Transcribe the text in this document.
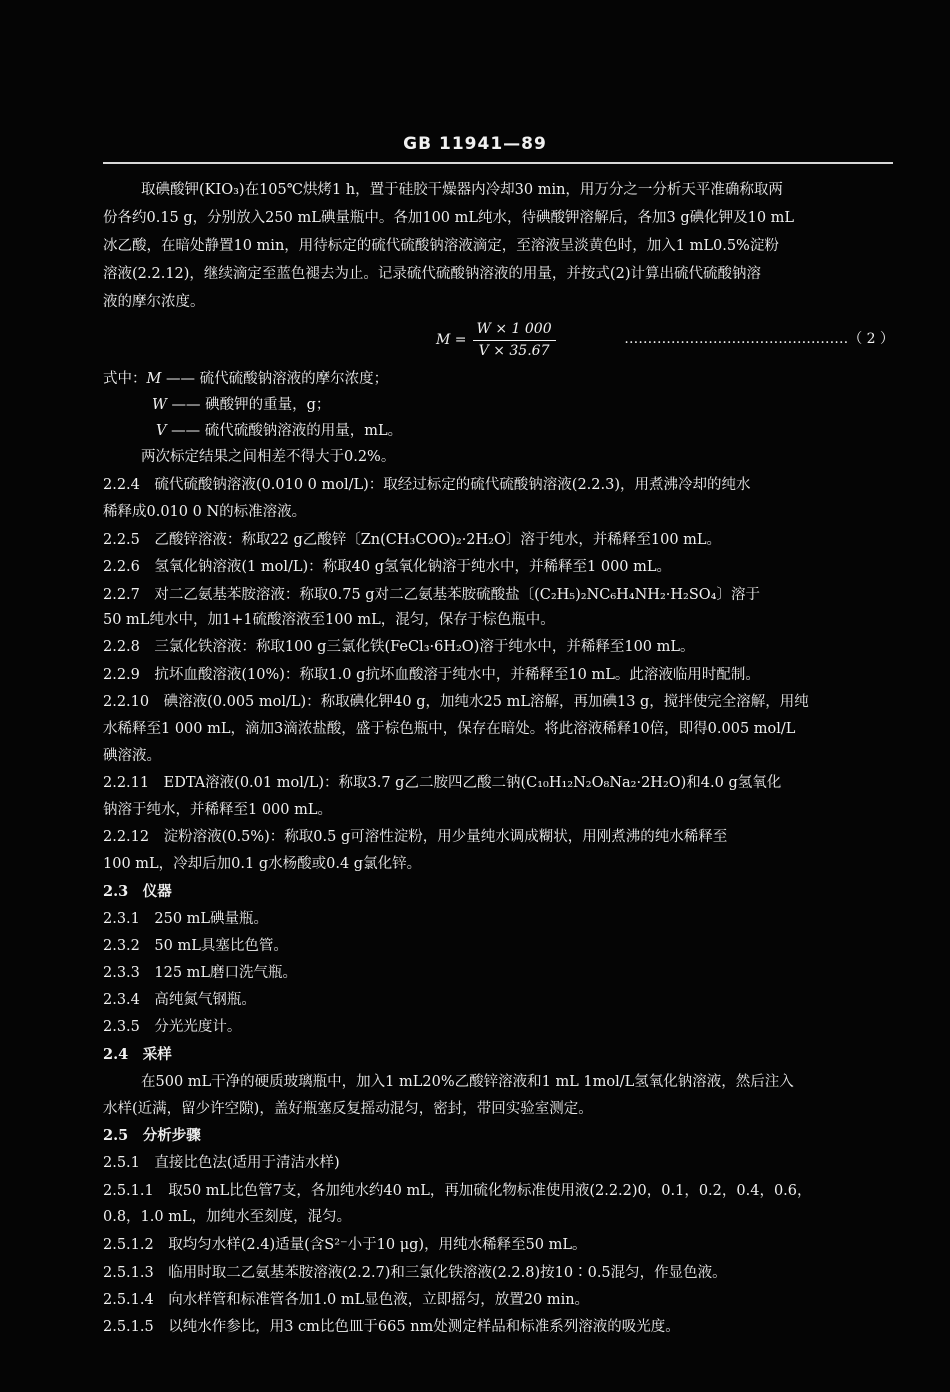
GB 11941—89
取碘酸钾(KIO₃)在105℃烘烤1 h，置于硅胶干燥器内冷却30 min，用万分之一分析天平准确称取两
份各约0.15 g，分别放入250 mL碘量瓶中。各加100 mL纯水，待碘酸钾溶解后，各加3 g碘化钾及10 mL
冰乙酸，在暗处静置10 min，用待标定的硫代硫酸钠溶液滴定，至溶液呈淡黄色时，加入1 mL0.5%淀粉
溶液(2.2.12)，继续滴定至蓝色褪去为止。记录硫代硫酸钠溶液的用量，并按式(2)计算出硫代硫酸钠溶
液的摩尔浓度。
$M = \frac{W \times 1 000}{V \times 35.67}$	…………………………………………（ 2 ）
式中：M —— 硫代硫酸钠溶液的摩尔浓度；
W —— 碘酸钾的重量，g；
V —— 硫代硫酸钠溶液的用量，mL。
两次标定结果之间相差不得大于0.2%。
2.2.4　硫代硫酸钠溶液(0.010 0 mol/L)：取经过标定的硫代硫酸钠溶液(2.2.3)，用煮沸冷却的纯水
稀释成0.010 0 N的标准溶液。
2.2.5　乙酸锌溶液：称取22 g乙酸锌〔Zn(CH₃COO)₂·2H₂O〕溶于纯水，并稀释至100 mL。
2.2.6　氢氧化钠溶液(1 mol/L)：称取40 g氢氧化钠溶于纯水中，并稀释至1 000 mL。
2.2.7　对二乙氨基苯胺溶液：称取0.75 g对二乙氨基苯胺硫酸盐〔(C₂H₅)₂NC₆H₄NH₂·H₂SO₄〕溶于
50 mL纯水中，加1+1硫酸溶液至100 mL，混匀，保存于棕色瓶中。
2.2.8　三氯化铁溶液：称取100 g三氯化铁(FeCl₃·6H₂O)溶于纯水中，并稀释至100 mL。
2.2.9　抗坏血酸溶液(10%)：称取1.0 g抗坏血酸溶于纯水中，并稀释至10 mL。此溶液临用时配制。
2.2.10　碘溶液(0.005 mol/L)：称取碘化钾40 g，加纯水25 mL溶解，再加碘13 g，搅拌使完全溶解，用纯
水稀释至1 000 mL，滴加3滴浓盐酸，盛于棕色瓶中，保存在暗处。将此溶液稀释10倍，即得0.005 mol/L
碘溶液。
2.2.11　EDTA溶液(0.01 mol/L)：称取3.7 g乙二胺四乙酸二钠(C₁₀H₁₂N₂O₈Na₂·2H₂O)和4.0 g氢氧化
钠溶于纯水，并稀释至1 000 mL。
2.2.12　淀粉溶液(0.5%)：称取0.5 g可溶性淀粉，用少量纯水调成糊状，用刚煮沸的纯水稀释至
100 mL，冷却后加0.1 g水杨酸或0.4 g氯化锌。
2.3　仪器
2.3.1　250 mL碘量瓶。
2.3.2　50 mL具塞比色管。
2.3.3　125 mL磨口洗气瓶。
2.3.4　高纯氮气钢瓶。
2.3.5　分光光度计。
2.4　采样
在500 mL干净的硬质玻璃瓶中，加入1 mL20%乙酸锌溶液和1 mL 1mol/L氢氧化钠溶液，然后注入
水样(近满，留少许空隙)，盖好瓶塞反复摇动混匀，密封，带回实验室测定。
2.5　分析步骤
2.5.1　直接比色法(适用于清洁水样)
2.5.1.1　取50 mL比色管7支，各加纯水约40 mL，再加硫化物标准使用液(2.2.2)0，0.1，0.2，0.4，0.6，
0.8，1.0 mL，加纯水至刻度，混匀。
2.5.1.2　取均匀水样(2.4)适量(含S²⁻小于10 μg)，用纯水稀释至50 mL。
2.5.1.3　临用时取二乙氨基苯胺溶液(2.2.7)和三氯化铁溶液(2.2.8)按10∶0.5混匀，作显色液。
2.5.1.4　向水样管和标准管各加1.0 mL显色液，立即摇匀，放置20 min。
2.5.1.5　以纯水作参比，用3 cm比色皿于665 nm处测定样品和标准系列溶液的吸光度。
